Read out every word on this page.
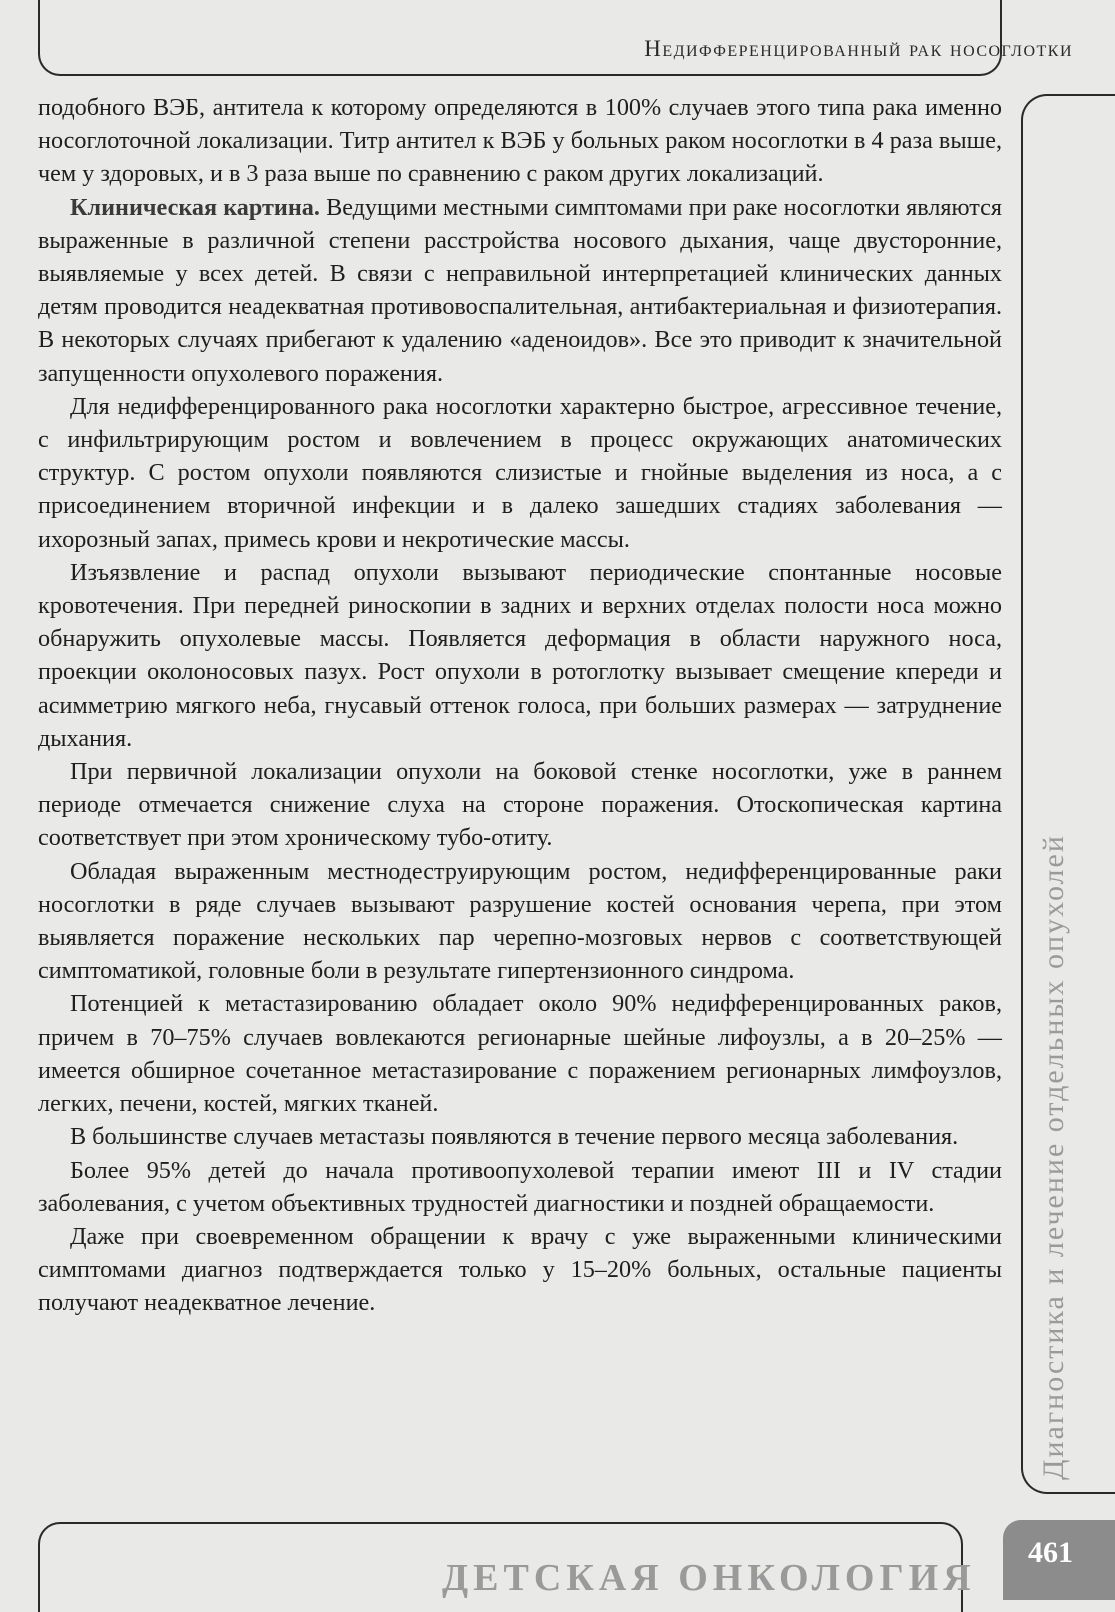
Недифференцированный рак носоглотки
Диагностика и лечение отдельных опухолей

подобного ВЭБ, антитела к которому определяются в 100% случаев этого типа рака именно носоглоточной локализации. Титр антител к ВЭБ у больных раком носоглотки в 4 раза выше, чем у здоровых, и в 3 раза выше по сравнению с раком других локализаций.

Клиническая картина. Ведущими местными симптомами при раке носоглотки являются выраженные в различной степени расстройства носового дыхания, чаще двусторонние, выявляемые у всех детей. В связи с неправильной интерпретацией клинических данных детям проводится неадекватная противовоспалительная, антибактериальная и физиотерапия. В некоторых случаях прибегают к удалению «аденоидов». Все это приводит к значительной запущенности опухолевого поражения.

Для недифференцированного рака носоглотки характерно быстрое, агрессивное течение, с инфильтрирующим ростом и вовлечением в процесс окружающих анатомических структур. С ростом опухоли появляются слизистые и гнойные выделения из носа, а с присоединением вторичной инфекции и в далеко зашедших стадиях заболевания — ихорозный запах, примесь крови и некротические массы.

Изъязвление и распад опухоли вызывают периодические спонтанные носовые кровотечения. При передней риноскопии в задних и верхних отделах полости носа можно обнаружить опухолевые массы. Появляется деформация в области наружного носа, проекции околоносовых пазух. Рост опухоли в ротоглотку вызывает смещение кпереди и асимметрию мягкого неба, гнусавый оттенок голоса, при больших размерах — затруднение дыхания.

При первичной локализации опухоли на боковой стенке носоглотки, уже в раннем периоде отмечается снижение слуха на стороне поражения. Отоскопическая картина соответствует при этом хроническому тубо-отиту.

Обладая выраженным местнодеструирующим ростом, недифференцированные раки носоглотки в ряде случаев вызывают разрушение костей основания черепа, при этом выявляется поражение нескольких пар черепно-мозговых нервов с соответствующей симптоматикой, головные боли в результате гипертензионного синдрома.

Потенцией к метастазированию обладает около 90% недифференцированных раков, причем в 70–75% случаев вовлекаются регионарные шейные лифоузлы, а в 20–25% — имеется обширное сочетанное метастазирование с поражением регионарных лимфоузлов, легких, печени, костей, мягких тканей.

В большинстве случаев метастазы появляются в течение первого месяца заболевания.

Более 95% детей до начала противоопухолевой терапии имеют III и IV стадии заболевания, с учетом объективных трудностей диагностики и поздней обращаемости.

Даже при своевременном обращении к врачу с уже выраженными клиническими симптомами диагноз подтверждается только у 15–20% больных, остальные пациенты получают неадекватное лечение.

ДЕТСКАЯ ОНКОЛОГИЯ
461
